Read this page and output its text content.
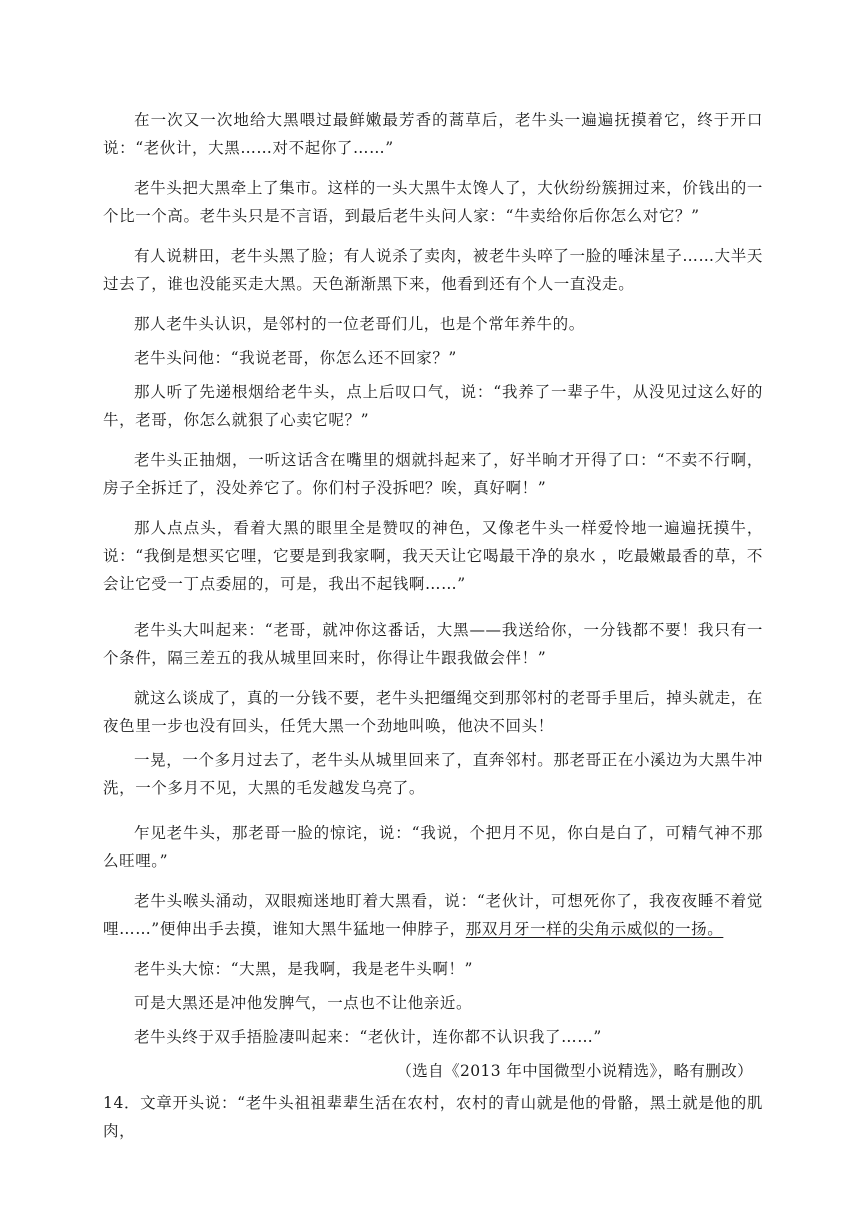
在一次又一次地给大黑喂过最鲜嫩最芳香的蒿草后，老牛头一遍遍抚摸着它，终于开口说：“老伙计，大黑……对不起你了……”

老牛头把大黑牵上了集市。这样的一头大黑牛太馋人了，大伙纷纷簇拥过来，价钱出的一个比一个高。老牛头只是不言语，到最后老牛头问人家：“牛卖给你后你怎么对它？”

有人说耕田，老牛头黑了脸；有人说杀了卖肉，被老牛头啐了一脸的唾沫星子……大半天过去了，谁也没能买走大黑。天色渐渐黑下来，他看到还有个人一直没走。

那人老牛头认识，是邻村的一位老哥们儿，也是个常年养牛的。

老牛头问他：“我说老哥，你怎么还不回家？”

那人听了先递根烟给老牛头，点上后叹口气，说：“我养了一辈子牛，从没见过这么好的牛，老哥，你怎么就狠了心卖它呢？”

老牛头正抽烟，一听这话含在嘴里的烟就抖起来了，好半晌才开得了口：“不卖不行啊，房子全拆迁了，没处养它了。你们村子没拆吧？唉，真好啊！”

那人点点头，看着大黑的眼里全是赞叹的神色，又像老牛头一样爱怜地一遍遍抚摸牛，说：“我倒是想买它哩，它要是到我家啊，我天天让它喝最干净的泉水 ，吃最嫩最香的草，不会让它受一丁点委屈的，可是，我出不起钱啊……”

老牛头大叫起来：“老哥，就冲你这番话，大黑——我送给你，一分钱都不要！我只有一个条件，隔三差五的我从城里回来时，你得让牛跟我做会伴！”

就这么谈成了，真的一分钱不要，老牛头把缰绳交到那邻村的老哥手里后，掉头就走，在夜色里一步也没有回头，任凭大黑一个劲地叫唤，他决不回头！

一晃，一个多月过去了，老牛头从城里回来了，直奔邻村。那老哥正在小溪边为大黑牛冲洗，一个多月不见，大黑的毛发越发乌亮了。

乍见老牛头，那老哥一脸的惊诧，说：“我说，个把月不见，你白是白了，可精气神不那么旺哩。”

老牛头喉头涌动，双眼痴迷地盯着大黑看，说：“老伙计，可想死你了，我夜夜睡不着觉哩……”便伸出手去摸，谁知大黑牛猛地一伸脖子，那双月牙一样的尖角示威似的一扬。

老牛头大惊：“大黑，是我啊，我是老牛头啊！”

可是大黑还是冲他发脾气，一点也不让他亲近。

老牛头终于双手捂脸凄叫起来：“老伙计，连你都不认识我了……”

（选自《2013 年中国微型小说精选》，略有删改）

14．文章开头说：“老牛头祖祖辈辈生活在农村，农村的青山就是他的骨骼，黑土就是他的肌肉，
